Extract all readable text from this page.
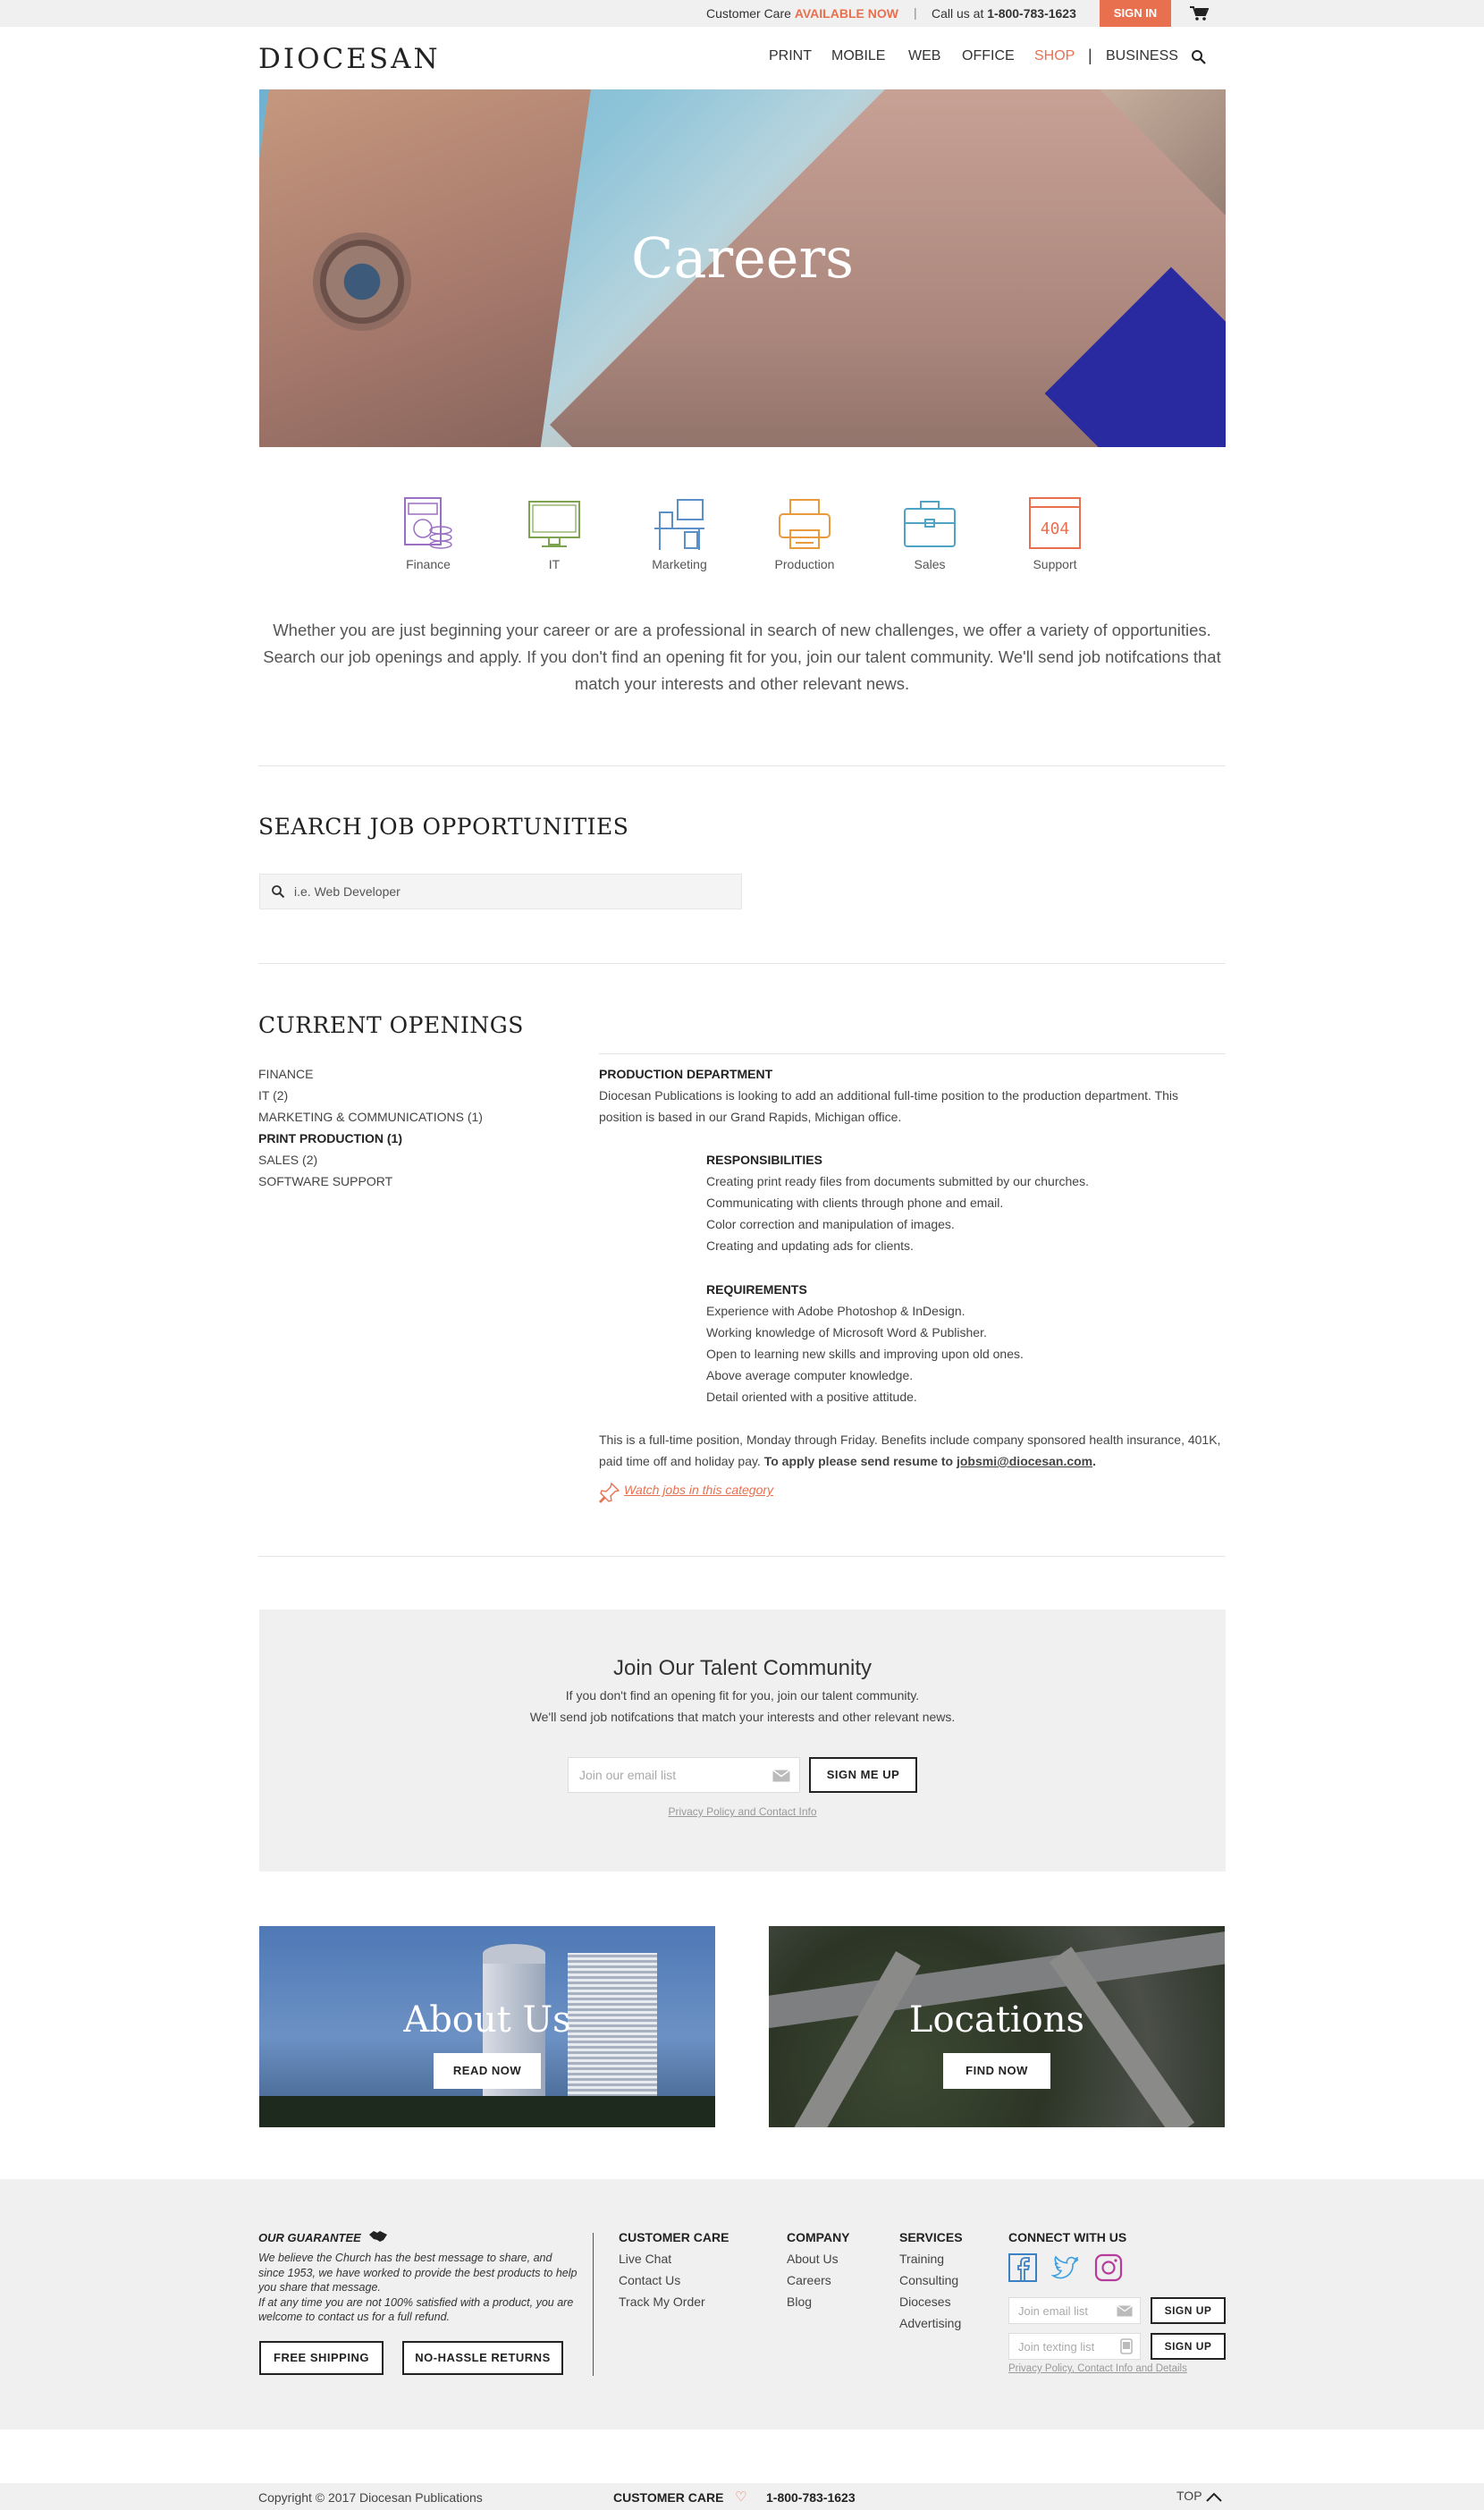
Customer Care AVAILABLE NOW | Call us at 1-800-783-1623	SIGN IN
DIOCESAN	PRINT MOBILE WEB OFFICE SHOP | BUSINESS
Careers
Finance	IT	Marketing	Production	Sales
404
Support

Whether you are just beginning your career or are a professional in search of new challenges, we offer a variety of opportunities. Search our job openings and apply. If you don't find an opening fit for you, join our talent community. We'll send job notifcations that match your interests and other relevant news.

SEARCH JOB OPPORTUNITIES
i.e. Web Developer
CURRENT OPENINGS
FINANCE
IT (2)
MARKETING & COMMUNICATIONS (1)
PRINT PRODUCTION (1)
SALES (2)
SOFTWARE SUPPORT
PRODUCTION DEPARTMENT

Diocesan Publications is looking to add an additional full-time position to the production department. This position is based in our Grand Rapids, Michigan office.

RESPONSIBILITIES
Creating print ready files from documents submitted by our churches.
Communicating with clients through phone and email.
Color correction and manipulation of images.
Creating and updating ads for clients.
REQUIREMENTS
Experience with Adobe Photoshop & InDesign.
Working knowledge of Microsoft Word & Publisher.
Open to learning new skills and improving upon old ones.
Above average computer knowledge.
Detail oriented with a positive attitude.

This is a full-time position, Monday through Friday. Benefits include company sponsored health insurance, 401K, paid time off and holiday pay. To apply please send resume to jobsmi@diocesan.com.

Watch jobs in this category
Join Our Talent Community

If you don't find an opening fit for you, join our talent community.

We'll send job notifcations that match your interests and other relevant news.

Join our email list
SIGN ME UP
Privacy Policy and Contact Info
About Us
READ NOW
Locations
FIND NOW
OUR GUARANTEE
We believe the Church has the best message to share, and since 1953, we have worked to provide the best products to help you share that message.
If at any time you are not 100% satisfied with a product, you are welcome to contact us for a full refund.
FREE SHIPPING	NO-HASSLE RETURNS
CUSTOMER CARE
Live Chat
Contact Us
Track My Order
COMPANY
About Us
Careers
Blog
SERVICES
Training
Consulting
Dioceses
Advertising
CONNECT WITH US
Join email list
SIGN UP
Join texting list
SIGN UP
Privacy Policy, Contact Info and Details
Copyright © 2017 Diocesan Publications	CUSTOMER CARE ♡ 1-800-783-1623	TOP
